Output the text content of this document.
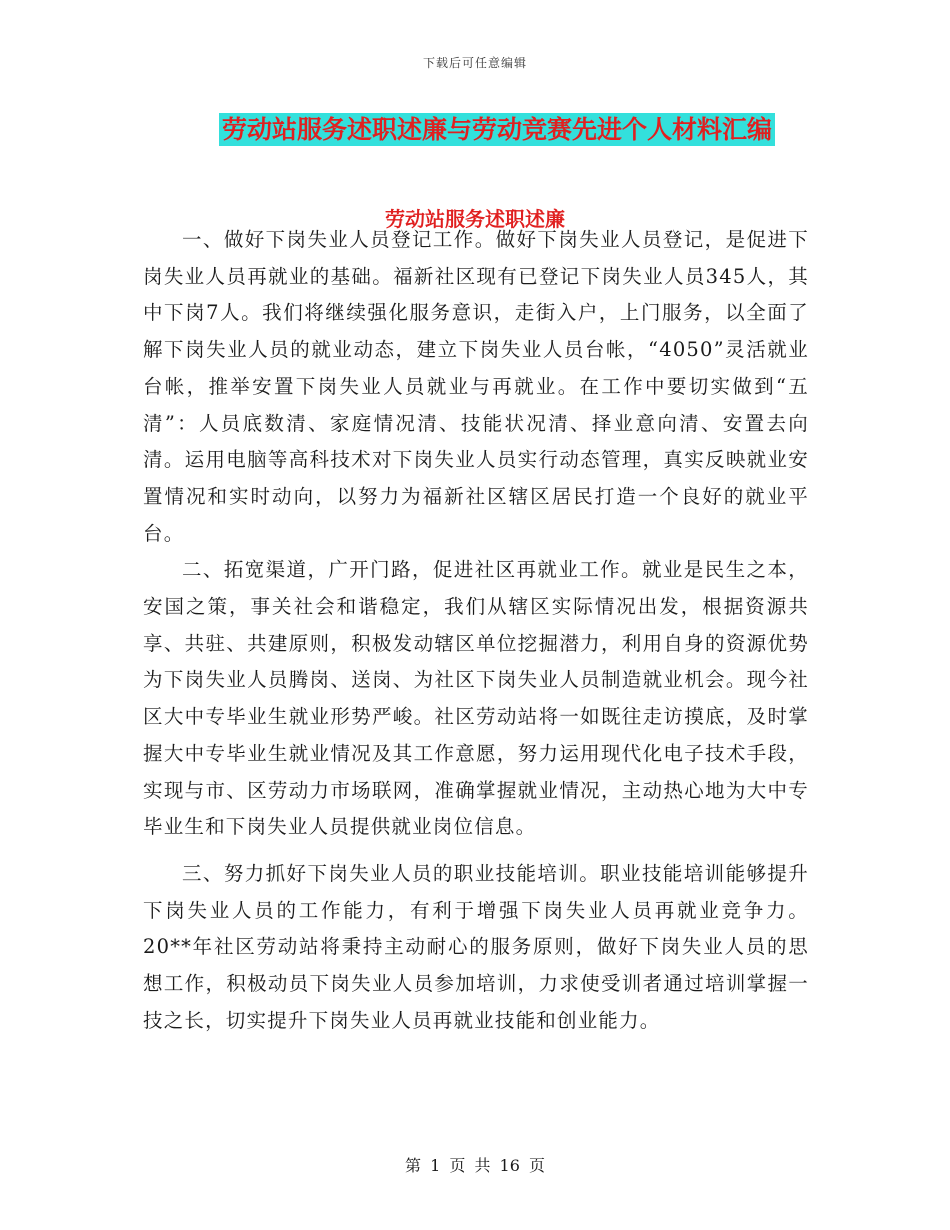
下载后可任意编辑
劳动站服务述职述廉与劳动竞赛先进个人材料汇编
劳动站服务述职述廉

一、做好下岗失业人员登记工作。做好下岗失业人员登记，是促进下岗失业人员再就业的基础。福新社区现有已登记下岗失业人员345人，其中下岗7人。我们将继续强化服务意识，走街入户，上门服务，以全面了解下岗失业人员的就业动态，建立下岗失业人员台帐，“4050”灵活就业台帐，推举安置下岗失业人员就业与再就业。在工作中要切实做到“五清”：人员底数清、家庭情况清、技能状况清、择业意向清、安置去向清。运用电脑等高科技术对下岗失业人员实行动态管理，真实反映就业安置情况和实时动向，以努力为福新社区辖区居民打造一个良好的就业平台。

二、拓宽渠道，广开门路，促进社区再就业工作。就业是民生之本，安国之策，事关社会和谐稳定，我们从辖区实际情况出发，根据资源共享、共驻、共建原则，积极发动辖区单位挖掘潜力，利用自身的资源优势为下岗失业人员腾岗、送岗、为社区下岗失业人员制造就业机会。现今社区大中专毕业生就业形势严峻。社区劳动站将一如既往走访摸底，及时掌握大中专毕业生就业情况及其工作意愿，努力运用现代化电子技术手段，实现与市、区劳动力市场联网，准确掌握就业情况，主动热心地为大中专毕业生和下岗失业人员提供就业岗位信息。

三、努力抓好下岗失业人员的职业技能培训。职业技能培训能够提升下岗失业人员的工作能力，有利于增强下岗失业人员再就业竞争力。20**年社区劳动站将秉持主动耐心的服务原则，做好下岗失业人员的思想工作，积极动员下岗失业人员参加培训，力求使受训者通过培训掌握一技之长，切实提升下岗失业人员再就业技能和创业能力。

第 1 页 共 16 页
